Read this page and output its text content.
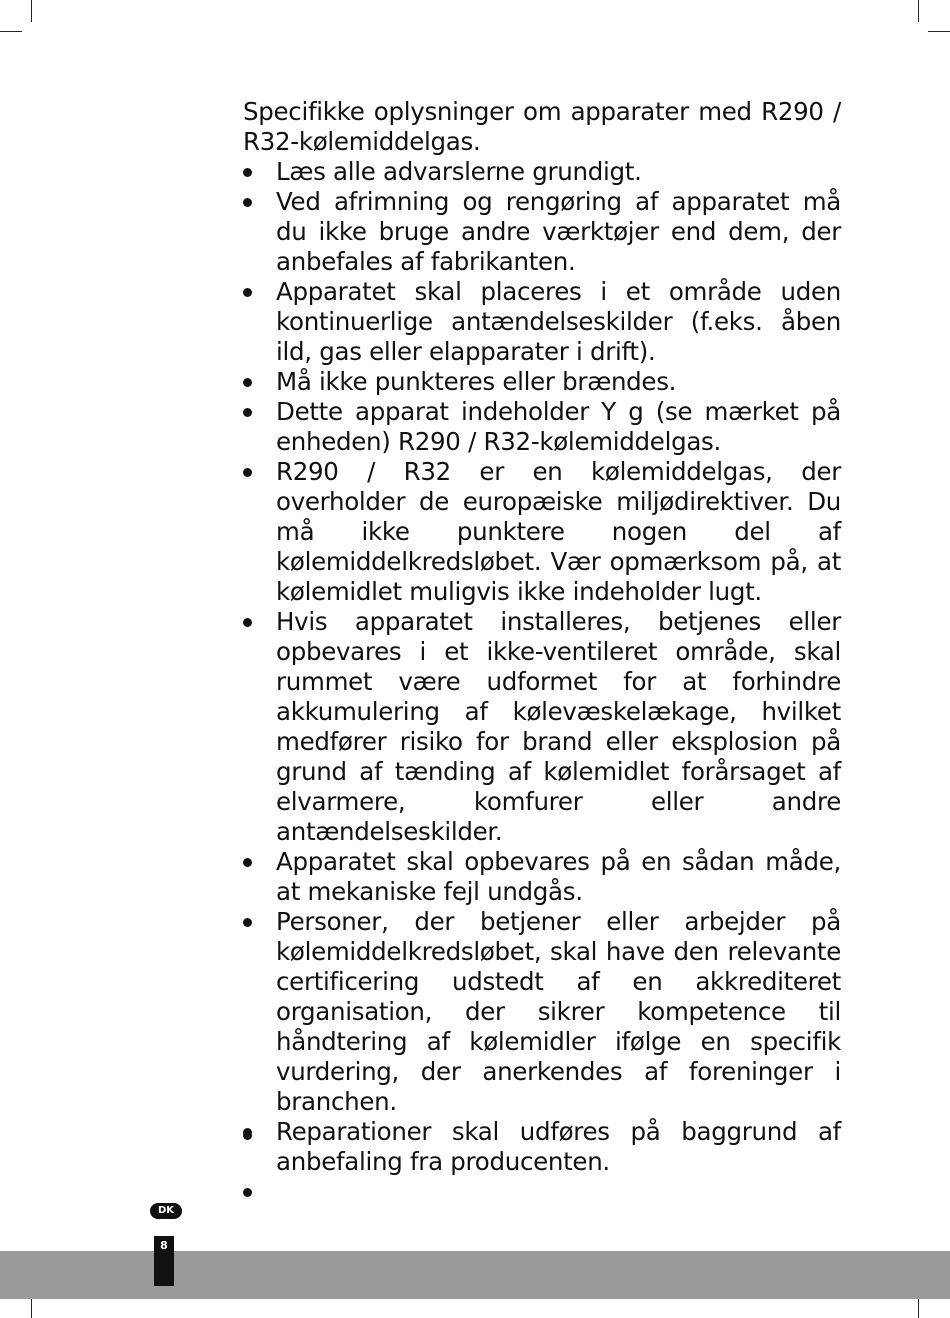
Specifikke oplysninger om apparater med R290 / R32-kølemiddelgas.

Læs alle advarslerne grundigt.
Ved afrimning og rengøring af apparatet må du ikke bruge andre værktøjer end dem, der anbefales af fabrikanten.
Apparatet skal placeres i et område uden kontinuerlige antændelseskilder (f.eks. åben ild, gas eller elapparater i drift).
Må ikke punkteres eller brændes.
Dette apparat indeholder Y g (se mærket på enheden) R290 / R32-kølemiddelgas.
R290 / R32 er en kølemiddelgas, der overholder de europæiske miljødirektiver. Du må ikke punktere nogen del af kølemiddelkredsløbet. Vær opmærksom på, at kølemidlet muligvis ikke indeholder lugt.
Hvis apparatet installeres, betjenes eller opbevares i et ikke-ventileret område, skal rummet være udformet for at forhindre akkumulering af kølevæskelækage, hvilket medfører risiko for brand eller eksplosion på grund af tænding af kølemidlet forårsaget af elvarmere, komfurer eller andre antændelseskilder.
Apparatet skal opbevares på en sådan måde, at mekaniske fejl undgås.
Personer, der betjener eller arbejder på kølemiddelkredsløbet, skal have den relevante certificering udstedt af en akkrediteret organisation, der sikrer kompetence til håndtering af kølemidler ifølge en specifik vurdering, der anerkendes af foreninger i branchen.
Reparationer skal udføres på baggrund af anbefaling fra producenten.
DK
8
